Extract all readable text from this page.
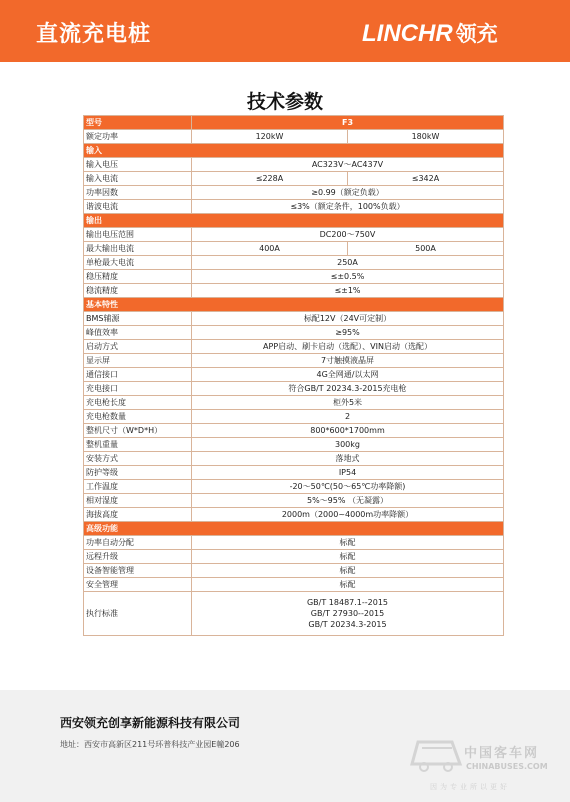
直流充电桩	LINCHR 领充
技术参数
型号	F3	
额定功率	120kW	180kW
输入		
输入电压	AC323V～AC437V	
输入电流	≤228A	≤342A
功率因数	≥0.99（额定负载）	
谐波电流	≤3%（额定条件，100%负载）	
输出		
输出电压范围	DC200～750V	
最大输出电流	400A	500A
单枪最大电流	250A	
稳压精度	≤±0.5%	
稳流精度	≤±1%	
基本特性		
BMS辅源	标配12V（24V可定制）	
峰值效率	≥95%	
启动方式	APP启动、刷卡启动（选配）、VIN启动（选配）	
显示屏	7寸触摸液晶屏	
通信接口	4G全网通/以太网	
充电接口	符合GB/T 20234.3-2015充电枪	
充电枪长度	柜外5米	
充电枪数量	2	
整机尺寸（W*D*H）	800*600*1700mm	
整机重量	300kg	
安装方式	落地式	
防护等级	IP54	
工作温度	-20～50℃(50～65℃功率降额)	
相对湿度	5%～95% （无凝露）	
海拔高度	2000m（2000~4000m功率降额）	
高级功能		
功率自动分配	标配	
远程升级	标配	
设备智能管理	标配	
安全管理	标配	
执行标准	GB/T 18487.1--2015
GB/T 27930--2015
GB/T 20234.3-2015	
西安领充创享新能源科技有限公司
地址：西安市高新区211号环普科技产业园E幢206
中国客车网
CHINABUSES.COM
因为专业所以更好
